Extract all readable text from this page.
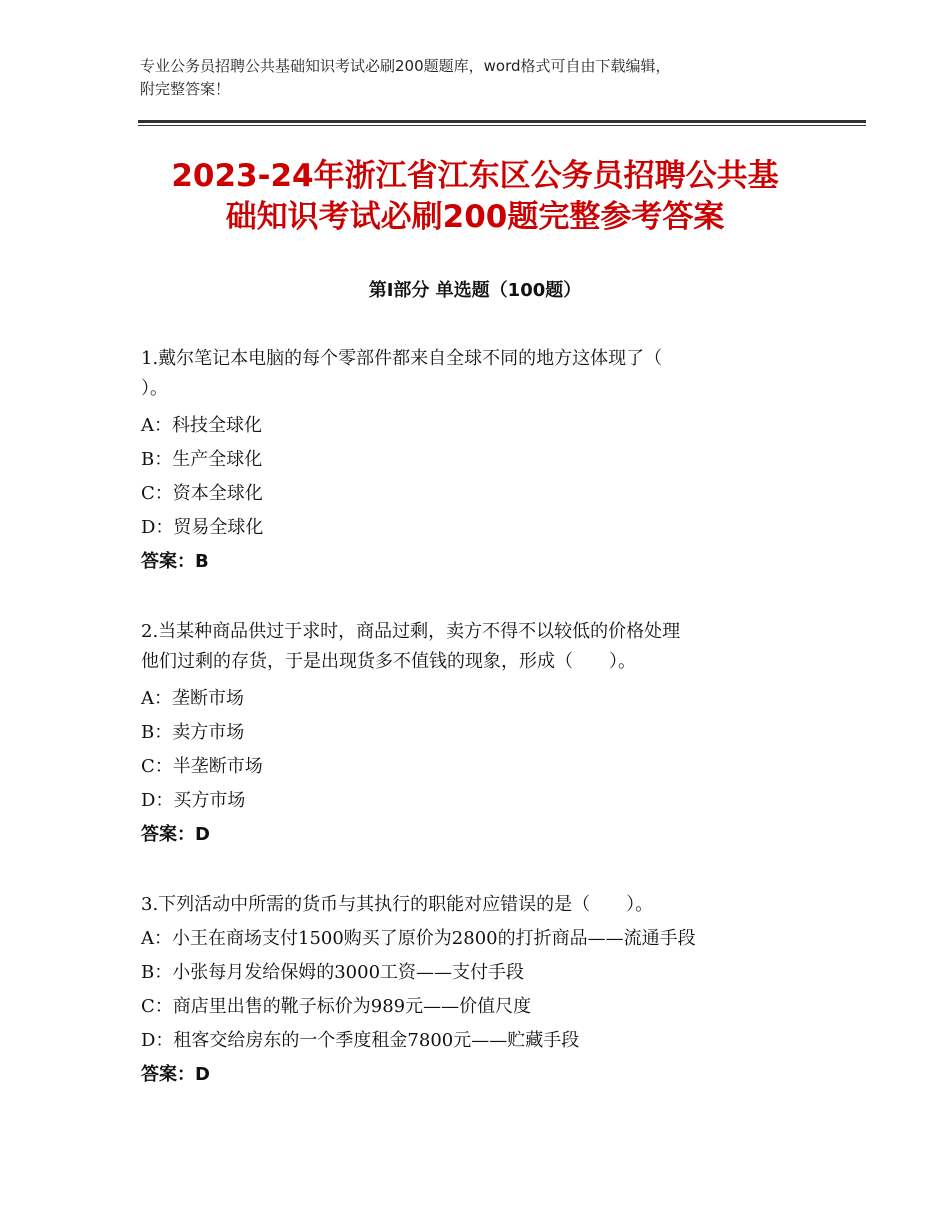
专业公务员招聘公共基础知识考试必刷200题题库，word格式可自由下载编辑，
附完整答案！
2023-24年浙江省江东区公务员招聘公共基
础知识考试必刷200题完整参考答案
第Ⅰ部分 单选题（100题）
1.戴尔笔记本电脑的每个零部件都来自全球不同的地方这体现了（
）。
A：科技全球化
B：生产全球化
C：资本全球化
D：贸易全球化
答案：B
2.当某种商品供过于求时，商品过剩，卖方不得不以较低的价格处理
他们过剩的存货，于是出现货多不值钱的现象，形成（　　）。
A：垄断市场
B：卖方市场
C：半垄断市场
D：买方市场
答案：D
3.下列活动中所需的货币与其执行的职能对应错误的是（　　）。
A：小王在商场支付1500购买了原价为2800的打折商品——流通手段
B：小张每月发给保姆的3000工资——支付手段
C：商店里出售的靴子标价为989元——价值尺度
D：租客交给房东的一个季度租金7800元——贮藏手段
答案：D
